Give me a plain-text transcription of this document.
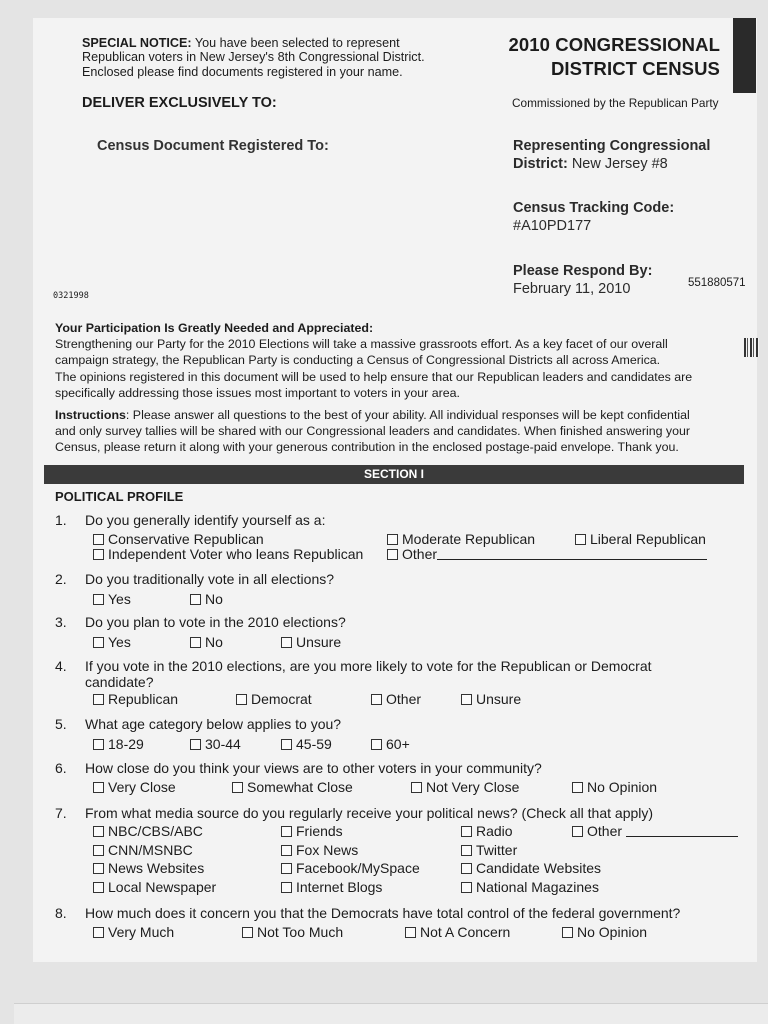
SPECIAL NOTICE: You have been selected to represent
Republican voters in New Jersey's 8th Congressional District.
Enclosed please find documents registered in your name.
2010 CONGRESSIONAL
DISTRICT CENSUS
DELIVER EXCLUSIVELY TO:	Commissioned by the Republican Party
Census Document Registered To:	Representing Congressional
District: New Jersey #8
Census Tracking Code:
#A10PD177
Please Respond By:
February 11, 2010	551880571
0321998
Your Participation Is Greatly Needed and Appreciated:
Strengthening our Party for the 2010 Elections will take a massive grassroots effort. As a key facet of our overall
campaign strategy, the Republican Party is conducting a Census of Congressional Districts all across America.
The opinions registered in this document will be used to help ensure that our Republican leaders and candidates are
specifically addressing those issues most important to voters in your area.
Instructions: Please answer all questions to the best of your ability. All individual responses will be kept confidential
and only survey tallies will be shared with our Congressional leaders and candidates. When finished answering your
Census, please return it along with your generous contribution in the enclosed postage-paid envelope. Thank you.
SECTION I
POLITICAL PROFILE
1.	Do you generally identify yourself as a:
Conservative Republican	Moderate Republican	Liberal Republican
Independent Voter who leans Republican	Other
2.	Do you traditionally vote in all elections?
Yes	No
3.	Do you plan to vote in the 2010 elections?
Yes	No	Unsure
4.	If you vote in the 2010 elections, are you more likely to vote for the Republican or Democrat
candidate?
Republican	Democrat	Other	Unsure
5.	What age category below applies to you?
18-29	30-44	45-59	60+
6.	How close do you think your views are to other voters in your community?
Very Close	Somewhat Close	Not Very Close	No Opinion
7.	From what media source do you regularly receive your political news? (Check all that apply)
NBC/CBS/ABC	Friends	Radio	Other
CNN/MSNBC	Fox News	Twitter
News Websites	Facebook/MySpace	Candidate Websites
Local Newspaper	Internet Blogs	National Magazines
8.	How much does it concern you that the Democrats have total control of the federal government?
Very Much	Not Too Much	Not A Concern	No Opinion
